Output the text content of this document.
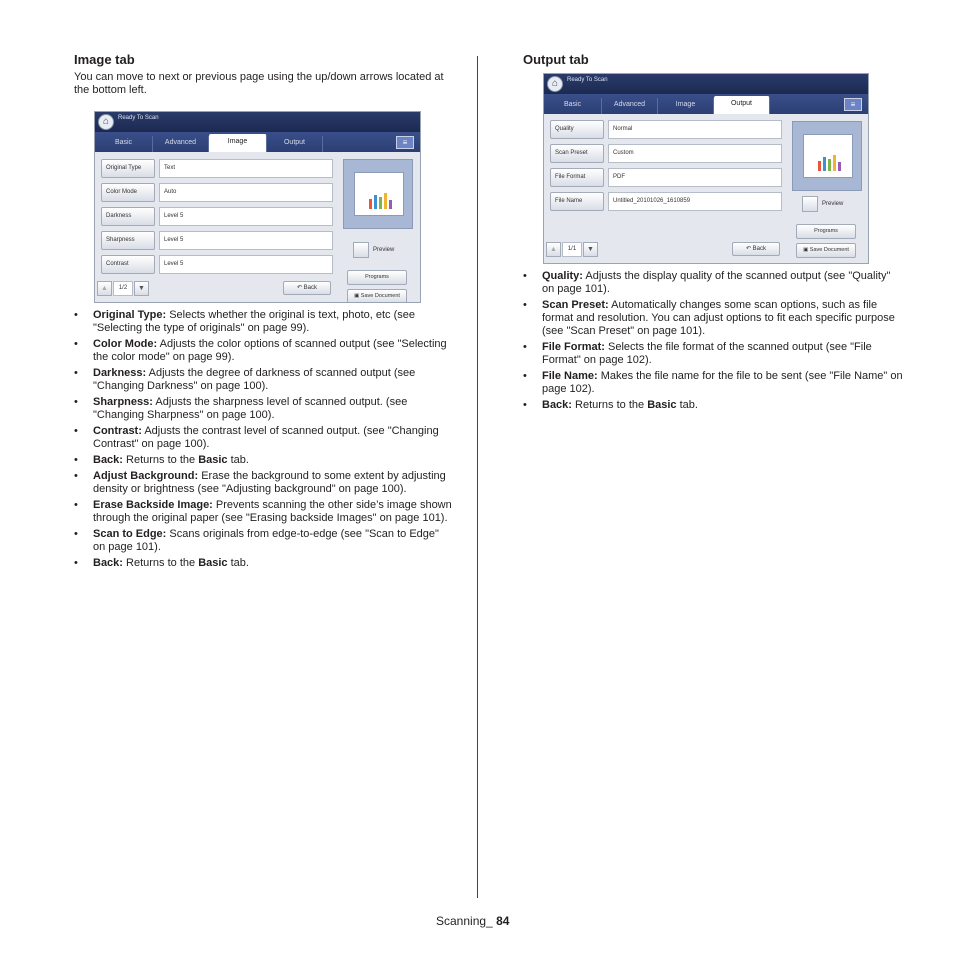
Image tab

You can move to next or previous page using the up/down arrows located at the bottom left.

⌂	Ready To Scan
Basic	Advanced	Image	Output	≡
Original Type	Text
Color Mode	Auto
Darkness	Level 5
Sharpness	Level 5
Contrast	Level 5
Preview
Programs
▣ Save Document
▲	1/2	▼	↶ Back
• Original Type: Selects whether the original is text, photo, etc (see "Selecting the type of originals" on page 99).
• Color Mode: Adjusts the color options of scanned output (see "Selecting the color mode" on page 99).
• Darkness: Adjusts the degree of darkness of scanned output (see "Changing Darkness" on page 100).
• Sharpness: Adjusts the sharpness level of scanned output. (see "Changing Sharpness" on page 100).
• Contrast: Adjusts the contrast level of scanned output. (see "Changing Contrast" on page 100).
• Back: Returns to the Basic tab.
• Adjust Background: Erase the background to some extent by adjusting density or brightness (see "Adjusting background" on page 100).
• Erase Backside Image: Prevents scanning the other side’s image shown through the original paper (see "Erasing backside Images" on page 101).
• Scan to Edge: Scans originals from edge-to-edge (see "Scan to Edge" on page 101).
• Back: Returns to the Basic tab.
Output tab
⌂	Ready To Scan
Basic	Advanced	Image	Output	≡
Quality	Normal
Scan Preset	Custom
File Format	PDF
File Name	Untitled_20101026_1610859	Preview
Programs
▣ Save Document
▲	1/1	▼	↶ Back
• Quality: Adjusts the display quality of the scanned output (see "Quality" on page 101).
• Scan Preset: Automatically changes some scan options, such as file format and resolution. You can adjust options to fit each specific purpose (see "Scan Preset" on page 101).
• File Format: Selects the file format of the scanned output (see "File Format" on page 102).
• File Name: Makes the file name for the file to be sent (see "File Name" on page 102).
• Back: Returns to the Basic tab.
Scanning_ 84
